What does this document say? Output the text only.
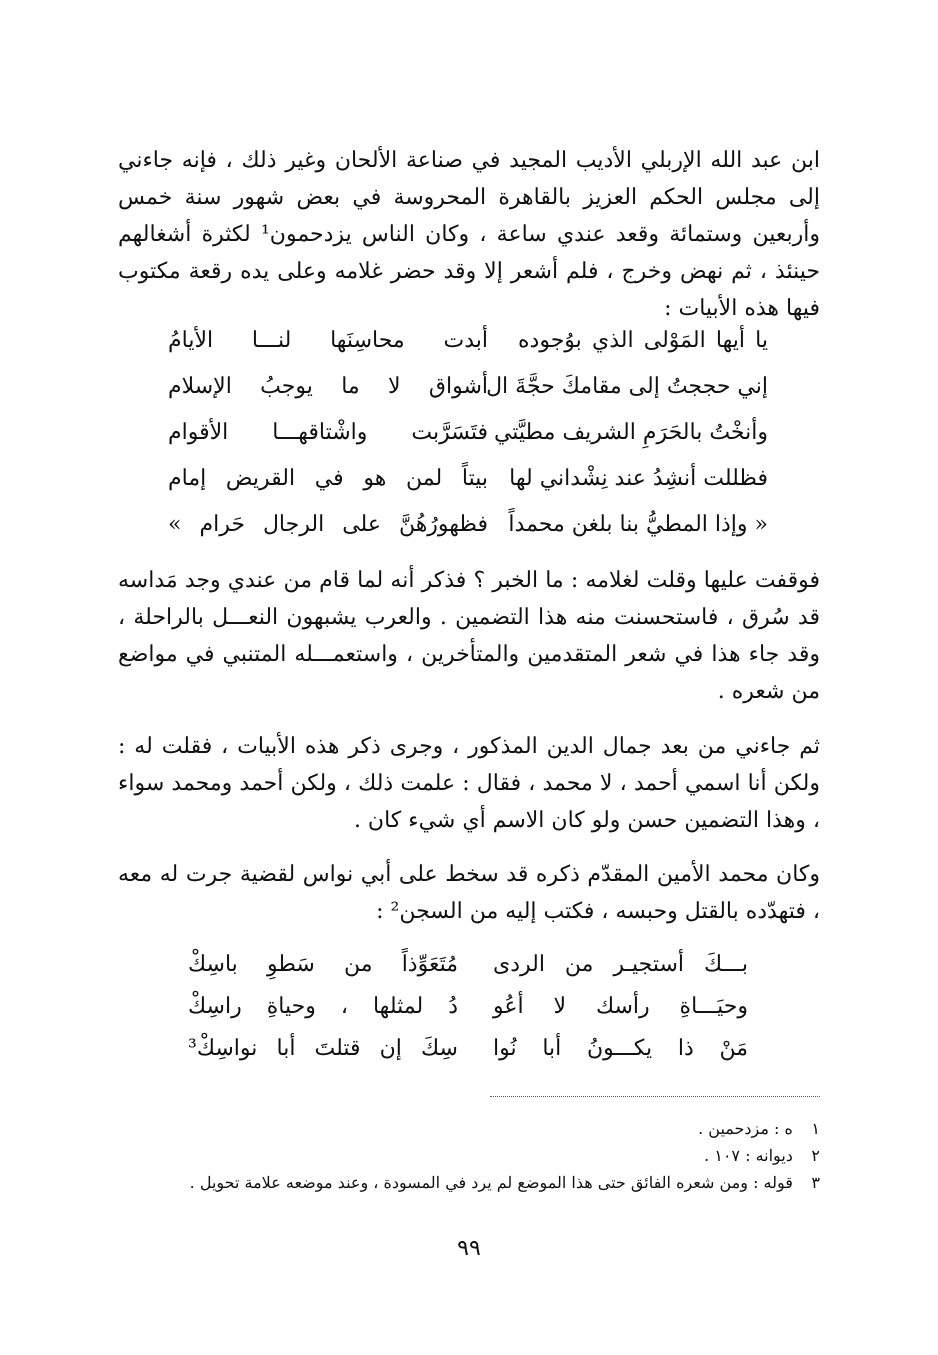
ابن عبد الله الإربلي الأديب المجيد في صناعة الألحان وغير ذلك ، فإنه جاءني إلى مجلس الحكم العزيز بالقاهرة المحروسة في بعض شهور سنة خمس وأربعين وستمائة وقعد عندي ساعة ، وكان الناس يزدحمون¹ لكثرة أشغالهم حينئذ ، ثم نهض وخرج ، فلم أشعر إلا وقد حضر غلامه وعلى يده رقعة مكتوب فيها هذه الأبيات :

يا أيها المَوْلى الذي بوُجوده
أبدت محاسِنَها لنـــا الأيامُ
إني حججتُ إلى مقامكَ حجَّةَ ال
أشواق لا ما يوجبُ الإسلام
وأنخْتُ بالحَرَمِ الشريف مطيَّتي
فتَسَرَّبت واشْتاقهـــا الأقوام
فظللت أنشِدُ عند نِشْداني لها
بيتاً لمن هو في القريض إمام
« وإذا المطيُّ بنا بلغن محمداً
فظهورُهُنَّ على الرجال حَرام »

فوقفت عليها وقلت لغلامه : ما الخبر ؟ فذكر أنه لما قام من عندي وجد مَداسه قد سُرق ، فاستحسنت منه هذا التضمين . والعرب يشبهون النعـــل بالراحلة ، وقد جاء هذا في شعر المتقدمين والمتأخرين ، واستعمـــله المتنبي في مواضع من شعره .

ثم جاءني من بعد جمال الدين المذكور ، وجرى ذكر هذه الأبيات ، فقلت له : ولكن أنا اسمي أحمد ، لا محمد ، فقال : علمت ذلك ، ولكن أحمد ومحمد سواء ، وهذا التضمين حسن ولو كان الاسم أي شيء كان .

وكان محمد الأمين المقدّم ذكره قد سخط على أبي نواس لقضية جرت له معه ، فتهدّده بالقتل وحبسه ، فكتب إليه من السجن² :

بـــكَ أستجيـر من الردى
مُتَعَوِّذاً من سَطوِ باسِكْ
وحيَـــاةِ رأسك لا أعُو
دُ لمثلها ، وحياةِ راسِكْ
مَنْ ذا يكـــونُ أبا نُوا
سِكَ إن قتلتَ أبا نواسِكْ³
١ ه : مزدحمين .
٢ ديوانه : ١٠٧ .
٣ قوله : ومن شعره الفائق حتى هذا الموضع لم يرد في المسودة ، وعند موضعه علامة تحويل .
٩٩
